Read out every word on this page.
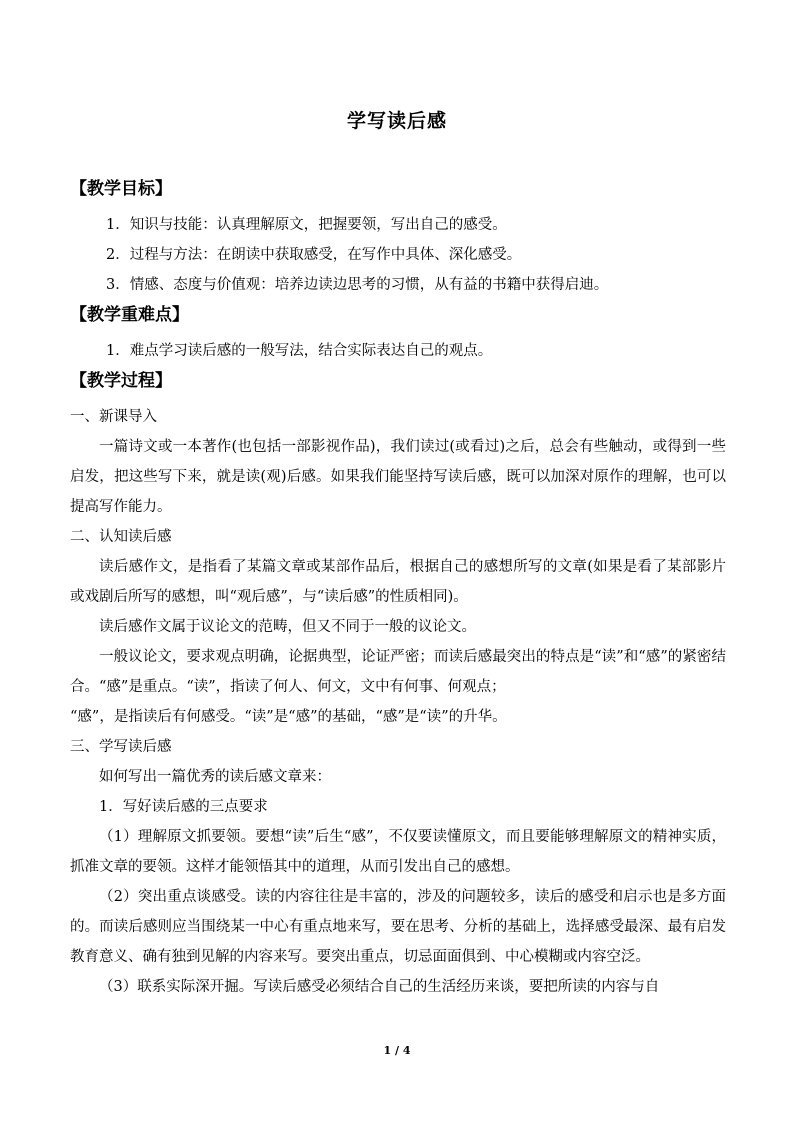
学写读后感
【教学目标】
1．知识与技能：认真理解原文，把握要领，写出自己的感受。
2．过程与方法：在朗读中获取感受，在写作中具体、深化感受。
3．情感、态度与价值观：培养边读边思考的习惯，从有益的书籍中获得启迪。
【教学重难点】
1．难点学习读后感的一般写法，结合实际表达自己的观点。
【教学过程】

一、新课导入

一篇诗文或一本著作(也包括一部影视作品)，我们读过(或看过)之后，总会有些触动，或得到一些启发，把这些写下来，就是读(观)后感。如果我们能坚持写读后感，既可以加深对原作的理解，也可以提高写作能力。

二、认知读后感

读后感作文，是指看了某篇文章或某部作品后，根据自己的感想所写的文章(如果是看了某部影片或戏剧后所写的感想，叫“观后感”，与“读后感”的性质相同)。

读后感作文属于议论文的范畴，但又不同于一般的议论文。

一般议论文，要求观点明确，论据典型，论证严密；而读后感最突出的特点是“读”和“感”的紧密结合。“感”是重点。“读”，指读了何人、何文，文中有何事、何观点；

“感”，是指读后有何感受。“读”是“感”的基础，“感”是“读”的升华。

三、学写读后感

如何写出一篇优秀的读后感文章来：

1．写好读后感的三点要求

（1）理解原文抓要领。要想“读”后生“感”，不仅要读懂原文，而且要能够理解原文的精神实质，抓准文章的要领。这样才能领悟其中的道理，从而引发出自己的感想。

（2）突出重点谈感受。读的内容往往是丰富的，涉及的问题较多，读后的感受和启示也是多方面的。而读后感则应当围绕某一中心有重点地来写，要在思考、分析的基础上，选择感受最深、最有启发教育意义、确有独到见解的内容来写。要突出重点，切忌面面俱到、中心模糊或内容空泛。

（3）联系实际深开掘。写读后感受必须结合自己的生活经历来谈，要把所读的内容与自

1 / 4
